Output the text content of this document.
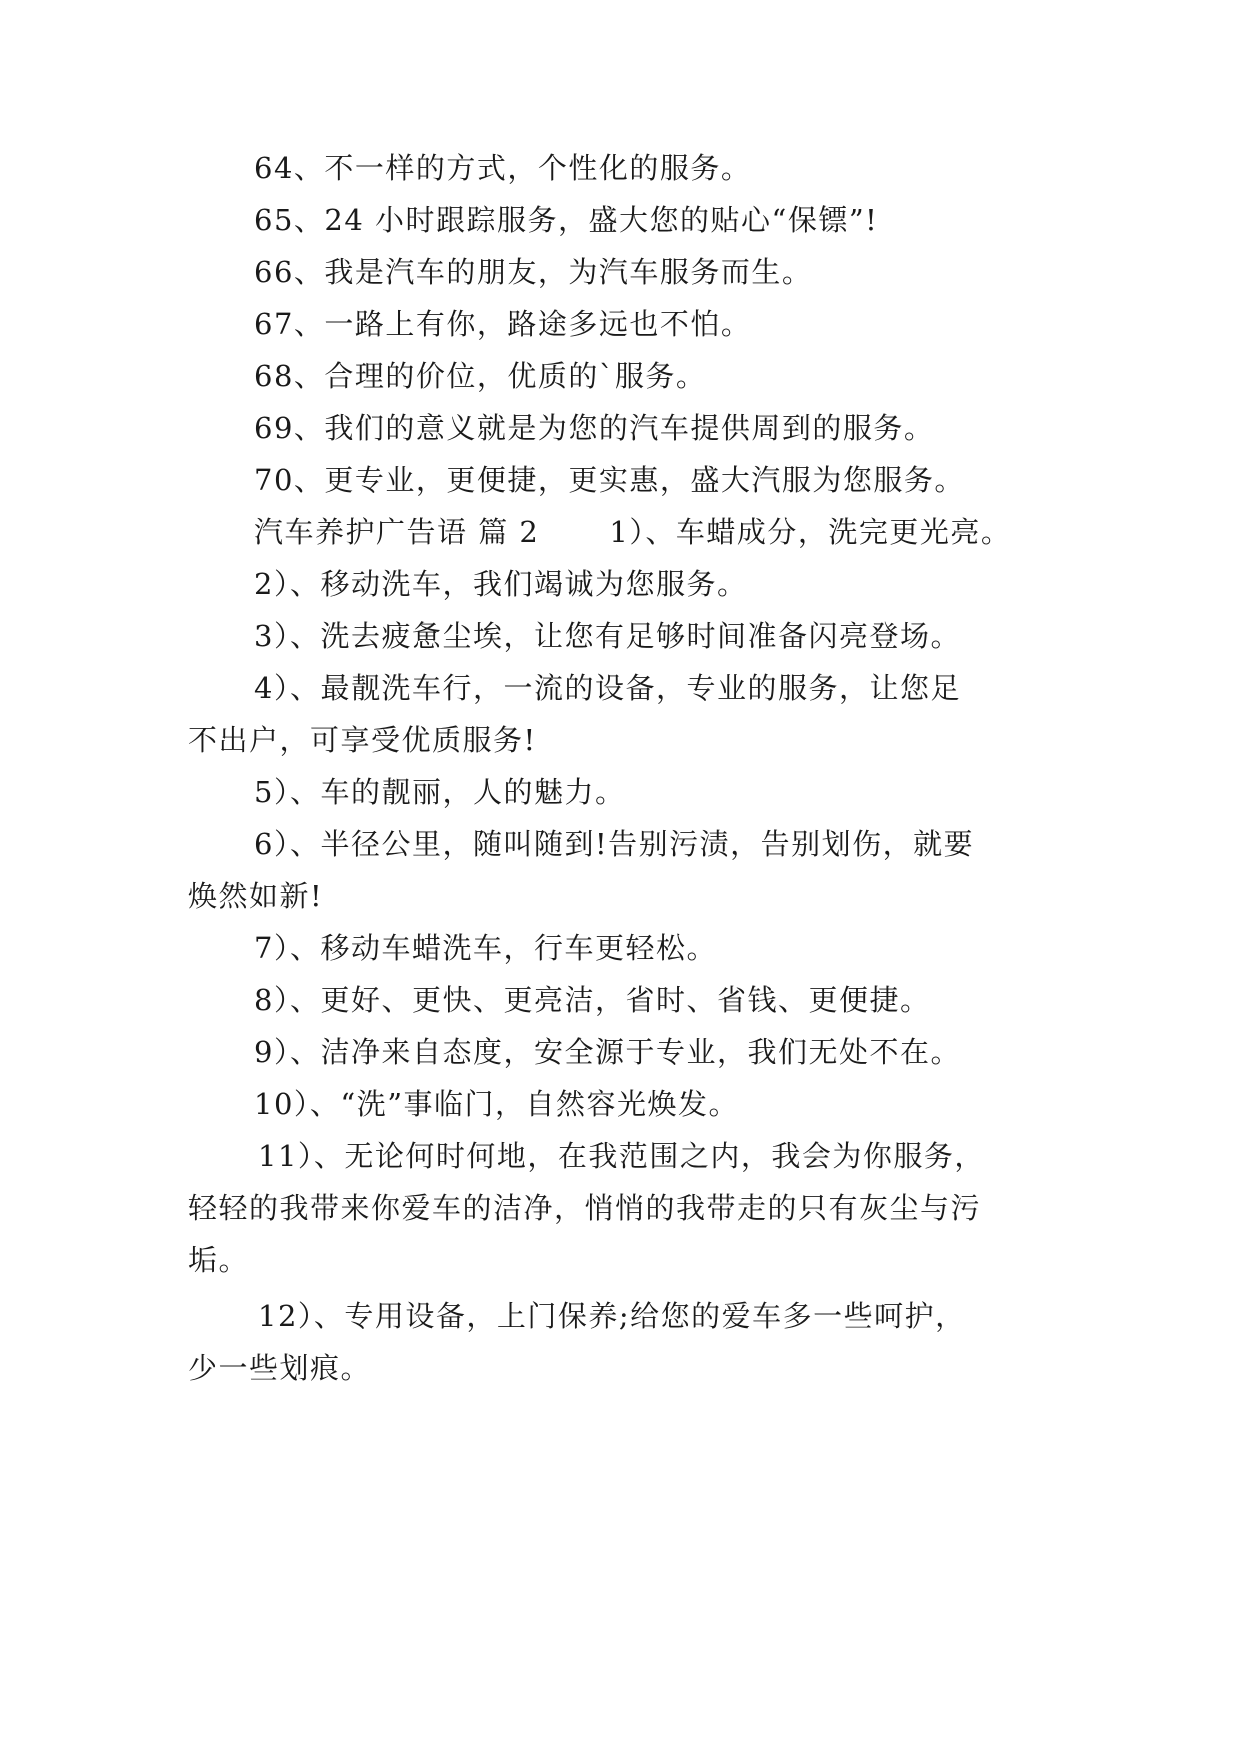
64、不一样的方式，个性化的服务。
65、24 小时跟踪服务，盛大您的贴心“保镖”!
66、我是汽车的朋友，为汽车服务而生。
67、一路上有你，路途多远也不怕。
68、合理的价位，优质的`服务。
69、我们的意义就是为您的汽车提供周到的服务。
70、更专业，更便捷，更实惠，盛大汽服为您服务。
汽车养护广告语 篇 2 1）、车蜡成分，洗完更光亮。
2）、移动洗车，我们竭诚为您服务。
3）、洗去疲惫尘埃，让您有足够时间准备闪亮登场。
4）、最靓洗车行，一流的设备，专业的服务，让您足
不出户，可享受优质服务!
5）、车的靓丽，人的魅力。
6）、半径公里，随叫随到!告别污渍，告别划伤，就要
焕然如新!
7）、移动车蜡洗车，行车更轻松。
8）、更好、更快、更亮洁，省时、省钱、更便捷。
9）、洁净来自态度，安全源于专业，我们无处不在。
10）、“洗”事临门，自然容光焕发。
11）、无论何时何地，在我范围之内，我会为你服务，
轻轻的我带来你爱车的洁净，悄悄的我带走的只有灰尘与污
垢。
12）、专用设备，上门保养;给您的爱车多一些呵护，
少一些划痕。
